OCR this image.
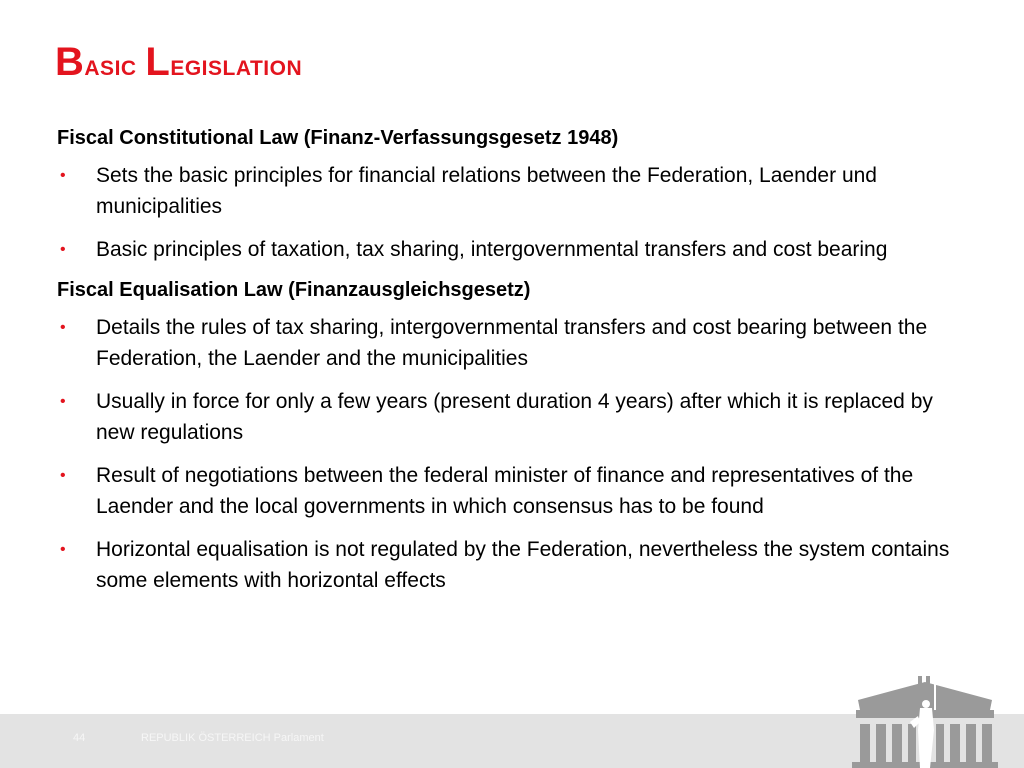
Basic Legislation

Fiscal Constitutional Law (Finanz-Verfassungsgesetz 1948)

• Sets the basic principles for financial relations between the Federation, Laender und municipalities
• Basic principles of taxation, tax sharing, intergovernmental transfers and cost bearing

Fiscal Equalisation Law (Finanzausgleichsgesetz)

• Details the rules of tax sharing, intergovernmental transfers and cost bearing between the Federation, the Laender and the municipalities
• Usually in force for only a few years (present duration 4 years) after which it is replaced by new regulations
• Result of negotiations between the federal minister of finance and representatives of the Laender and the local governments in which consensus has to be found
• Horizontal equalisation is not regulated by the Federation, nevertheless the system contains some elements with horizontal effects
44	REPUBLIK ÖSTERREICH Parlament
